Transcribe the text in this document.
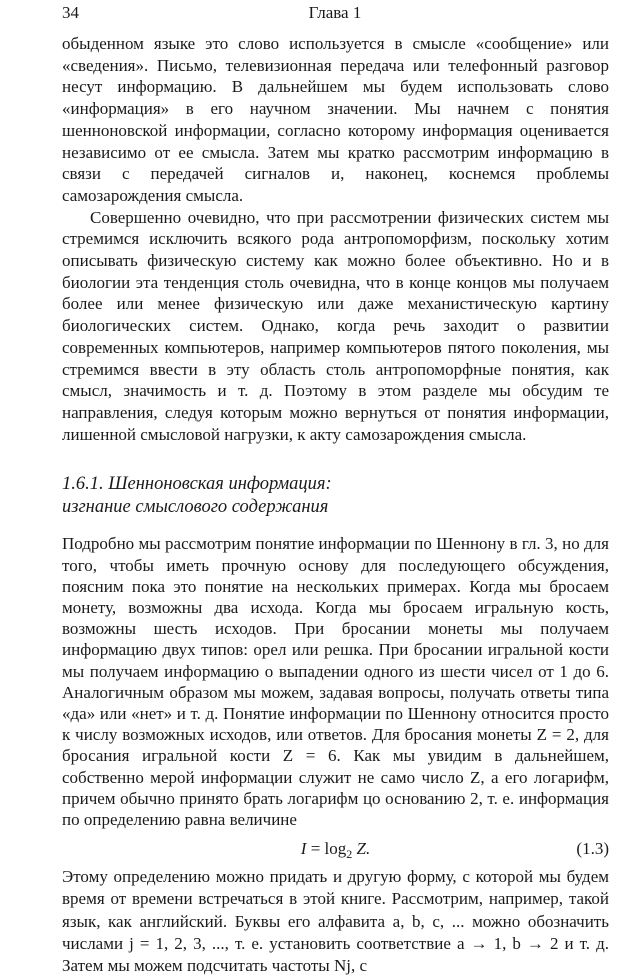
34	Глава 1

обыденном языке это слово используется в смысле «сообщение» или «сведения». Письмо, телевизионная передача или телефонный разговор несут информацию. В дальнейшем мы будем использовать слово «информация» в его научном значении. Мы начнем с понятия шенноновской информации, согласно которому информация оценивается независимо от ее смысла. Затем мы кратко рассмотрим информацию в связи с передачей сигналов и, наконец, коснемся проблемы самозарождения смысла.

Совершенно очевидно, что при рассмотрении физических систем мы стремимся исключить всякого рода антропоморфизм, поскольку хотим описывать физическую систему как можно более объективно. Но и в биологии эта тенденция столь очевидна, что в конце концов мы получаем более или менее физическую или даже механистическую картину биологических систем. Однако, когда речь заходит о развитии современных компьютеров, например компьютеров пятого поколения, мы стремимся ввести в эту область столь антропоморфные понятия, как смысл, значимость и т. д. Поэтому в этом разделе мы обсудим те направления, следуя которым можно вернуться от понятия информации, лишенной смысловой нагрузки, к акту самозарождения смысла.

1.6.1. Шенноновская информация:
изгнание смыслового содержания

Подробно мы рассмотрим понятие информации по Шеннону в гл. 3, но для того, чтобы иметь прочную основу для последующего обсуждения, поясним пока это понятие на нескольких примерах. Когда мы бросаем монету, возможны два исхода. Когда мы бросаем игральную кость, возможны шесть исходов. При бросании монеты мы получаем информацию двух типов: орел или решка. При бросании игральной кости мы получаем информацию о выпадении одного из шести чисел от 1 до 6. Аналогичным образом мы можем, задавая вопросы, получать ответы типа «да» или «нет» и т. д. Понятие информации по Шеннону относится просто к числу возможных исходов, или ответов. Для бросания монеты Z = 2, для бросания игральной кости Z = 6. Как мы увидим в дальнейшем, собственно мерой информации служит не само число Z, а его логарифм, причем обычно принято брать логарифм цо основанию 2, т. е. информация по определению равна величине

$I = \log_2 Z$.	(1.3)

Этому определению можно придать и другую форму, с которой мы будем время от времени встречаться в этой книге. Рассмотрим, например, такой язык, как английский. Буквы его алфавита a, b, c, ... можно обозначить числами j = 1, 2, 3, ..., т. е. установить соответствие a → 1, b → 2 и т. д. Затем мы можем подсчитать частоты Nj, с
